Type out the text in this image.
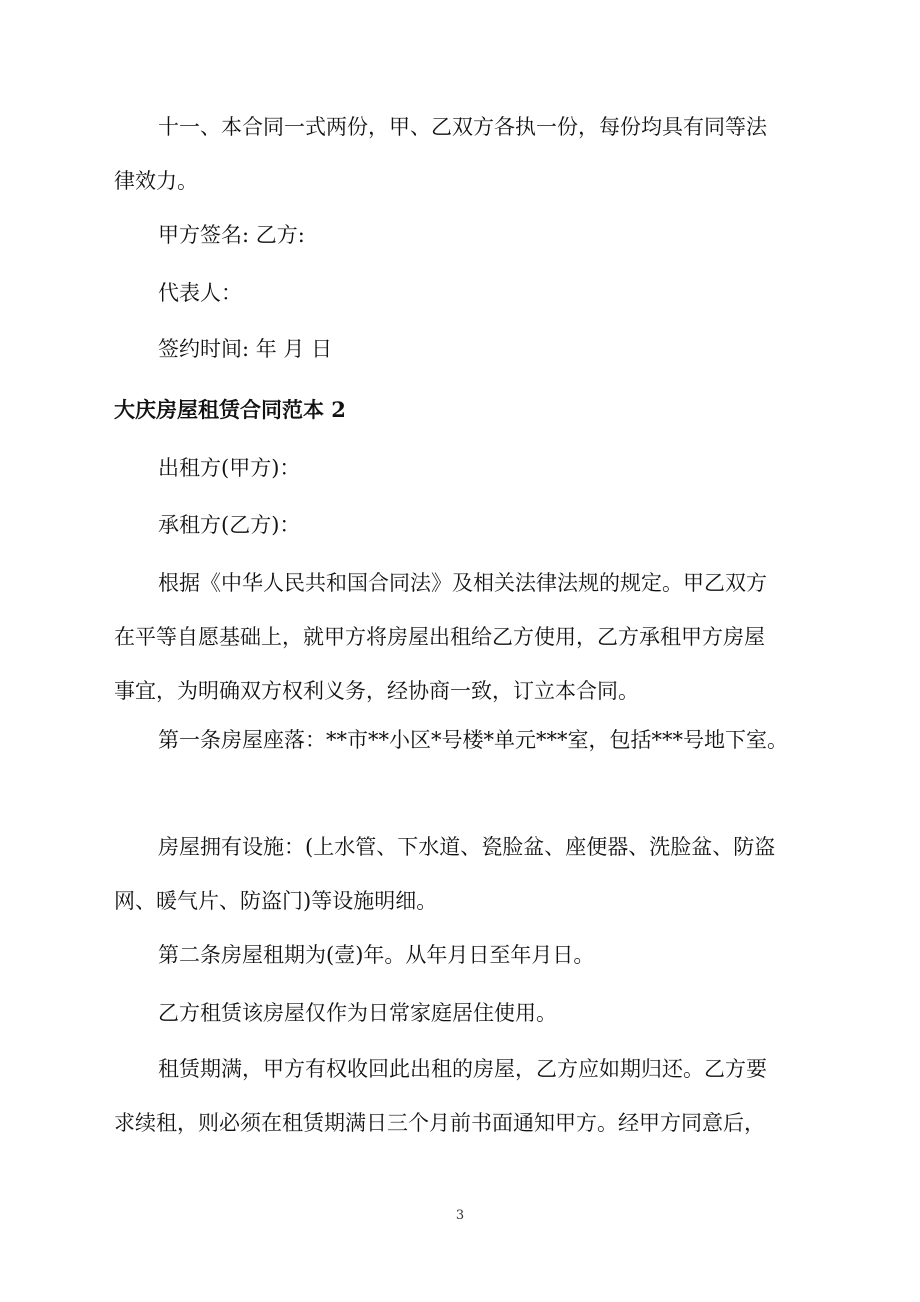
十一、本合同一式两份，甲、乙双方各执一份，每份均具有同等法
律效力。
甲方签名: 乙方:
代表人：
签约时间: 年 月 日
大庆房屋租赁合同范本 2
出租方(甲方)：
承租方(乙方)：
根据《中华人民共和国合同法》及相关法律法规的规定。甲乙双方
在平等自愿基础上，就甲方将房屋出租给乙方使用，乙方承租甲方房屋
事宜，为明确双方权利义务，经协商一致，订立本合同。
第一条房屋座落：**市**小区*号楼*单元***室，包括***号地下室。
房屋拥有设施：(上水管、下水道、瓷脸盆、座便器、洗脸盆、防盗
网、暖气片、防盗门)等设施明细。
第二条房屋租期为(壹)年。从年月日至年月日。
乙方租赁该房屋仅作为日常家庭居住使用。
租赁期满，甲方有权收回此出租的房屋，乙方应如期归还。乙方要
求续租，则必须在租赁期满日三个月前书面通知甲方。经甲方同意后，
3
